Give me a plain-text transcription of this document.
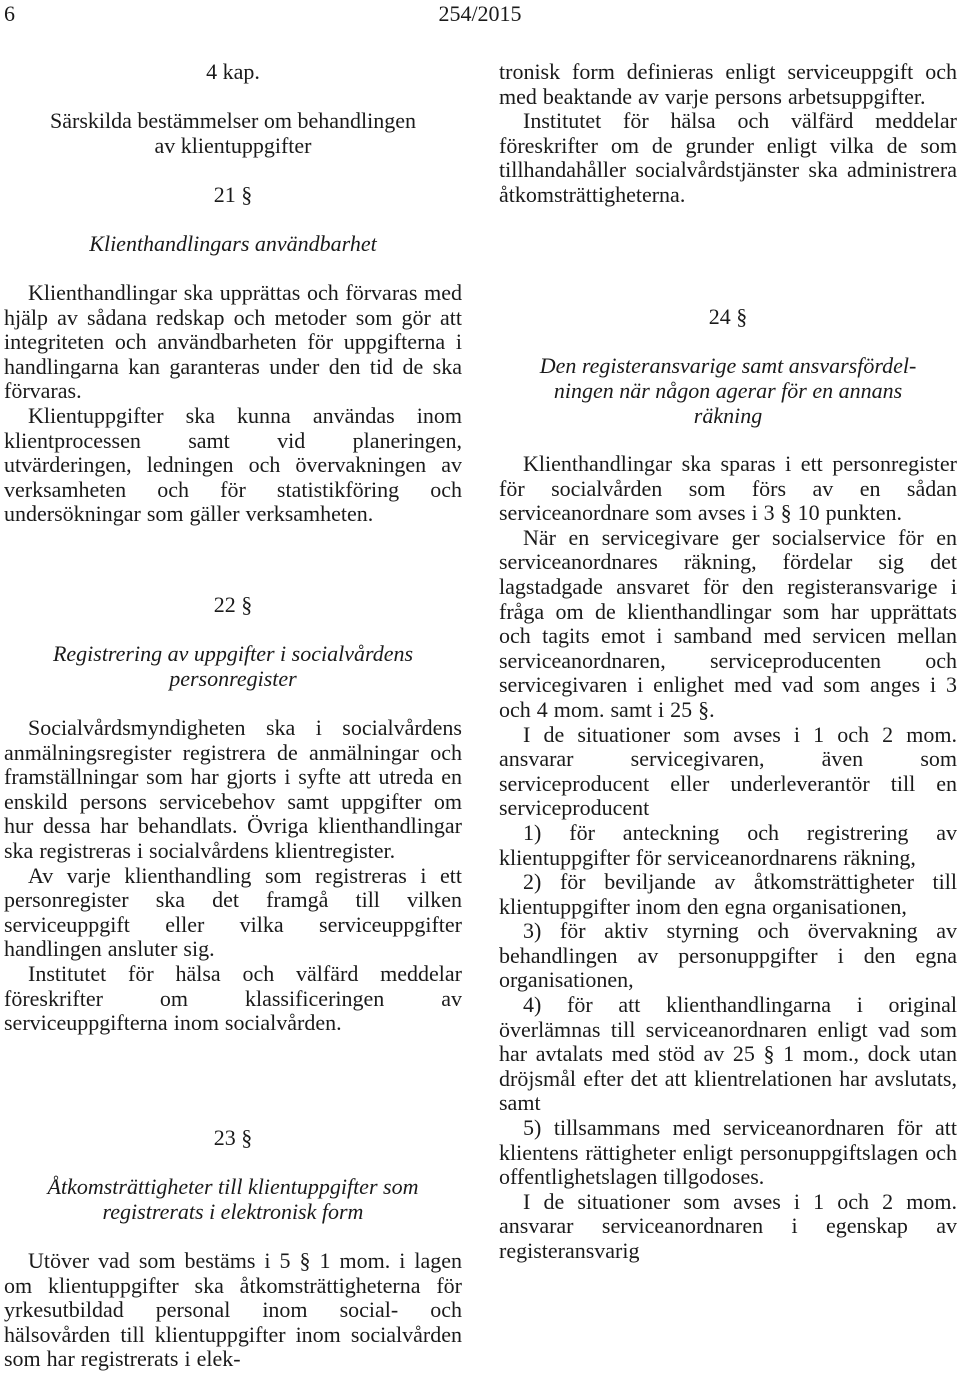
6	254/2015
4 kap.
Särskilda bestämmelser om behandlingen
av klientuppgifter
21 §
Klienthandlingars användbarhet

Klienthandlingar ska upprättas och förvaras med hjälp av sådana redskap och metoder som gör att integriteten och användbarheten för uppgifterna i handlingarna kan garanteras under den tid de ska förvaras.

Klientuppgifter ska kunna användas inom klientprocessen samt vid planeringen, utvärderingen, ledningen och övervakningen av verksamheten och för statistikföring och undersökningar som gäller verksamheten.

22 §
Registrering av uppgifter i socialvårdens
personregister

Socialvårdsmyndigheten ska i socialvårdens anmälningsregister registrera de anmälningar och framställningar som har gjorts i syfte att utreda en enskild persons servicebehov samt uppgifter om hur dessa har behandlats. Övriga klienthandlingar ska registreras i socialvårdens klientregister.

Av varje klienthandling som registreras i ett personregister ska det framgå till vilken serviceuppgift eller vilka serviceuppgifter handlingen ansluter sig.

Institutet för hälsa och välfärd meddelar föreskrifter om klassificeringen av serviceuppgifterna inom socialvården.

23 §
Åtkomsträttigheter till klientuppgifter som
registrerats i elektronisk form

Utöver vad som bestäms i 5 § 1 mom. i lagen om klientuppgifter ska åtkomsträttigheterna för yrkesutbildad personal inom social- och hälsovården till klientuppgifter inom socialvården som har registrerats i elek-

tronisk form definieras enligt serviceuppgift och med beaktande av varje persons arbetsuppgifter.

Institutet för hälsa och välfärd meddelar föreskrifter om de grunder enligt vilka de som tillhandahåller socialvårdstjänster ska administrera åtkomsträttigheterna.

24 §
Den registeransvarige samt ansvarsfördel-
ningen när någon agerar för en annans
räkning

Klienthandlingar ska sparas i ett personregister för socialvården som förs av en sådan serviceanordnare som avses i 3 § 10 punkten.

När en servicegivare ger socialservice för en serviceanordnares räkning, fördelar sig det lagstadgade ansvaret för den registeransvarige i fråga om de klienthandlingar som har upprättats och tagits emot i samband med servicen mellan serviceanordnaren, serviceproducenten och servicegivaren i enlighet med vad som anges i 3 och 4 mom. samt i 25 §.

I de situationer som avses i 1 och 2 mom. ansvarar servicegivaren, även som serviceproducent eller underleverantör till en serviceproducent

1) för anteckning och registrering av klientuppgifter för serviceanordnarens räkning,

2) för beviljande av åtkomsträttigheter till klientuppgifter inom den egna organisationen,

3) för aktiv styrning och övervakning av behandlingen av personuppgifter i den egna organisationen,

4) för att klienthandlingarna i original överlämnas till serviceanordnaren enligt vad som har avtalats med stöd av 25 § 1 mom., dock utan dröjsmål efter det att klientrelationen har avslutats, samt

5) tillsammans med serviceanordnaren för att klientens rättigheter enligt personuppgiftslagen och offentlighetslagen tillgodoses.

I de situationer som avses i 1 och 2 mom. ansvarar serviceanordnaren i egenskap av registeransvarig
